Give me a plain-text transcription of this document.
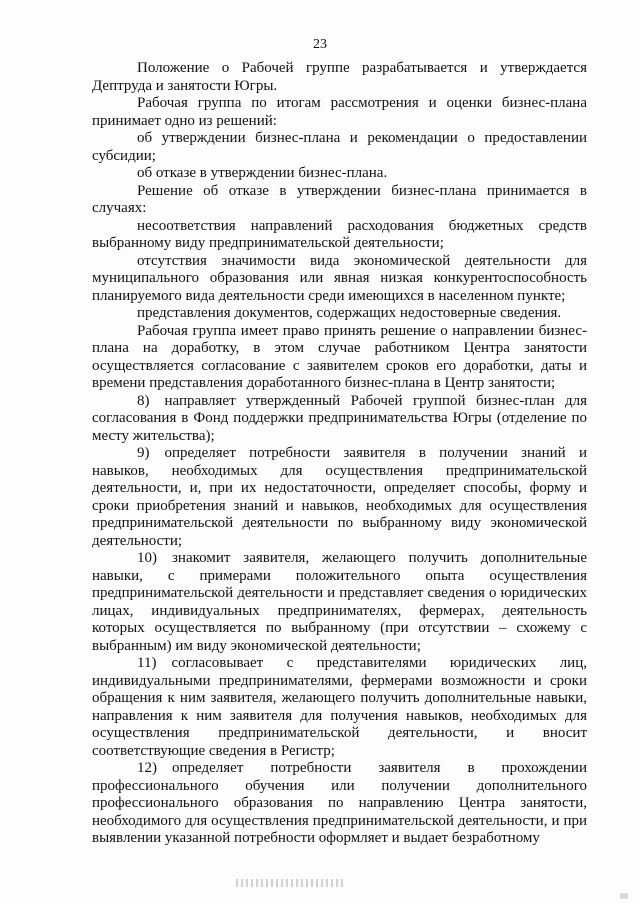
23

Положение о Рабочей группе разрабатывается и утверждается Дептруда и занятости Югры.

Рабочая группа по итогам рассмотрения и оценки бизнес-плана принимает одно из решений:

об утверждении бизнес-плана и рекомендации о предоставлении субсидии;

об отказе в утверждении бизнес-плана.

Решение об отказе в утверждении бизнес-плана принимается в случаях:

несоответствия направлений расходования бюджетных средств выбранному виду предпринимательской деятельности;

отсутствия значимости вида экономической деятельности для муниципального образования или явная низкая конкурентоспособность планируемого вида деятельности среди имеющихся в населенном пункте;

представления документов, содержащих недостоверные сведения.

Рабочая группа имеет право принять решение о направлении бизнес-плана на доработку, в этом случае работником Центра занятости осуществляется согласование с заявителем сроков его доработки, даты и времени представления доработанного бизнес-плана в Центр занятости;

8) направляет утвержденный Рабочей группой бизнес-план для согласования в Фонд поддержки предпринимательства Югры (отделение по месту жительства);

9) определяет потребности заявителя в получении знаний и навыков, необходимых для осуществления предпринимательской деятельности, и, при их недостаточности, определяет способы, форму и сроки приобретения знаний и навыков, необходимых для осуществления предпринимательской деятельности по выбранному виду экономической деятельности;

10) знакомит заявителя, желающего получить дополнительные навыки, с примерами положительного опыта осуществления предпринимательской деятельности и представляет сведения о юридических лицах, индивидуальных предпринимателях, фермерах, деятельность которых осуществляется по выбранному (при отсутствии – схожему с выбранным) им виду экономической деятельности;

11) согласовывает с представителями юридических лиц, индивидуальными предпринимателями, фермерами возможности и сроки обращения к ним заявителя, желающего получить дополнительные навыки, направления к ним заявителя для получения навыков, необходимых для осуществления предпринимательской деятельности, и вносит соответствующие сведения в Регистр;

12) определяет потребности заявителя в прохождении профессионального обучения или получении дополнительного профессионального образования по направлению Центра занятости, необходимого для осуществления предпринимательской деятельности, и при выявлении указанной потребности оформляет и выдает безработному
